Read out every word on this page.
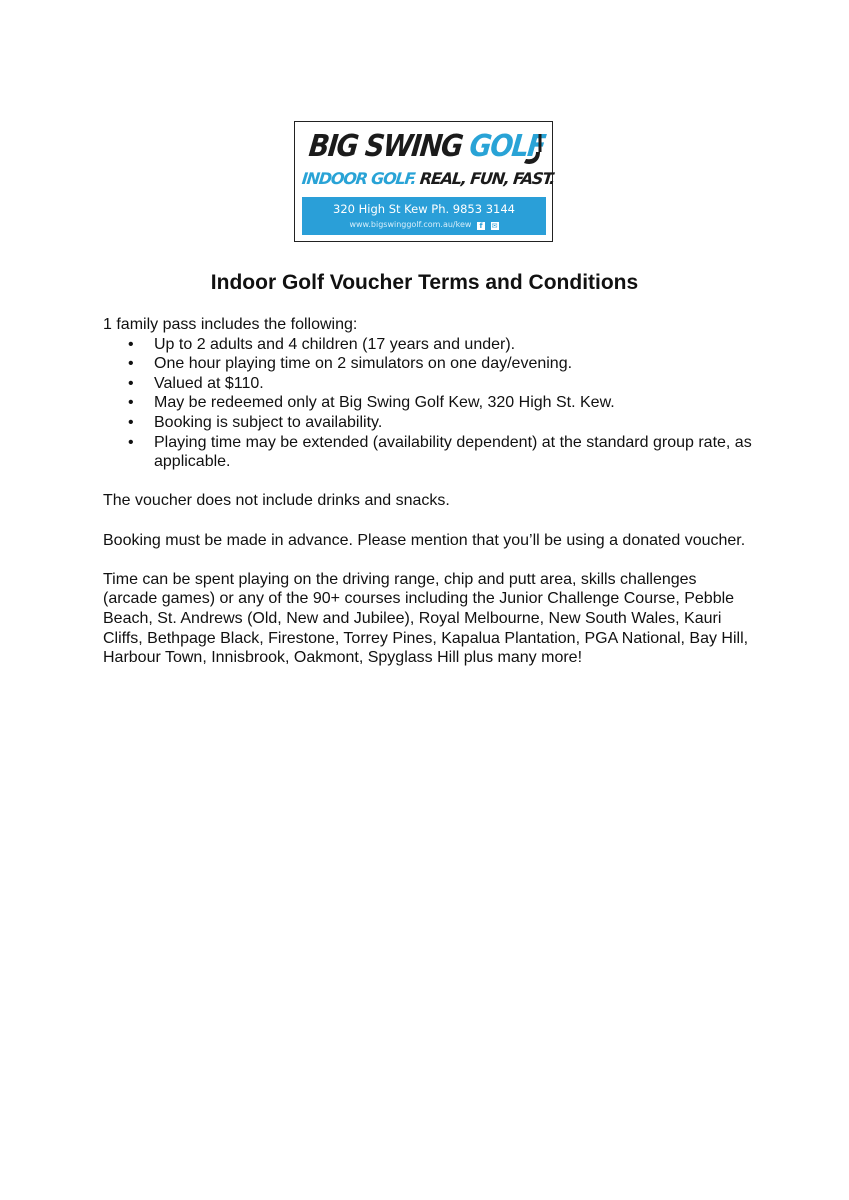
BIG SWING GOLF
INDOOR GOLF. REAL, FUN, FAST.
320 High St Kew Ph. 9853 3144
www.bigswinggolf.com.au/kew f ✉
Indoor Golf Voucher Terms and Conditions

1 family pass includes the following:

• Up to 2 adults and 4 children (17 years and under).
• One hour playing time on 2 simulators on one day/evening.
• Valued at $110.
• May be redeemed only at Big Swing Golf Kew, 320 High St. Kew.
• Booking is subject to availability.
• Playing time may be extended (availability dependent) at the standard group rate, as applicable.

The voucher does not include drinks and snacks.

Booking must be made in advance. Please mention that you’ll be using a donated voucher.

Time can be spent playing on the driving range, chip and putt area, skills challenges (arcade games) or any of the 90+ courses including the Junior Challenge Course, Pebble Beach, St. Andrews (Old, New and Jubilee), Royal Melbourne, New South Wales, Kauri Cliffs, Bethpage Black, Firestone, Torrey Pines, Kapalua Plantation, PGA National, Bay Hill, Harbour Town, Innisbrook, Oakmont, Spyglass Hill plus many more!
